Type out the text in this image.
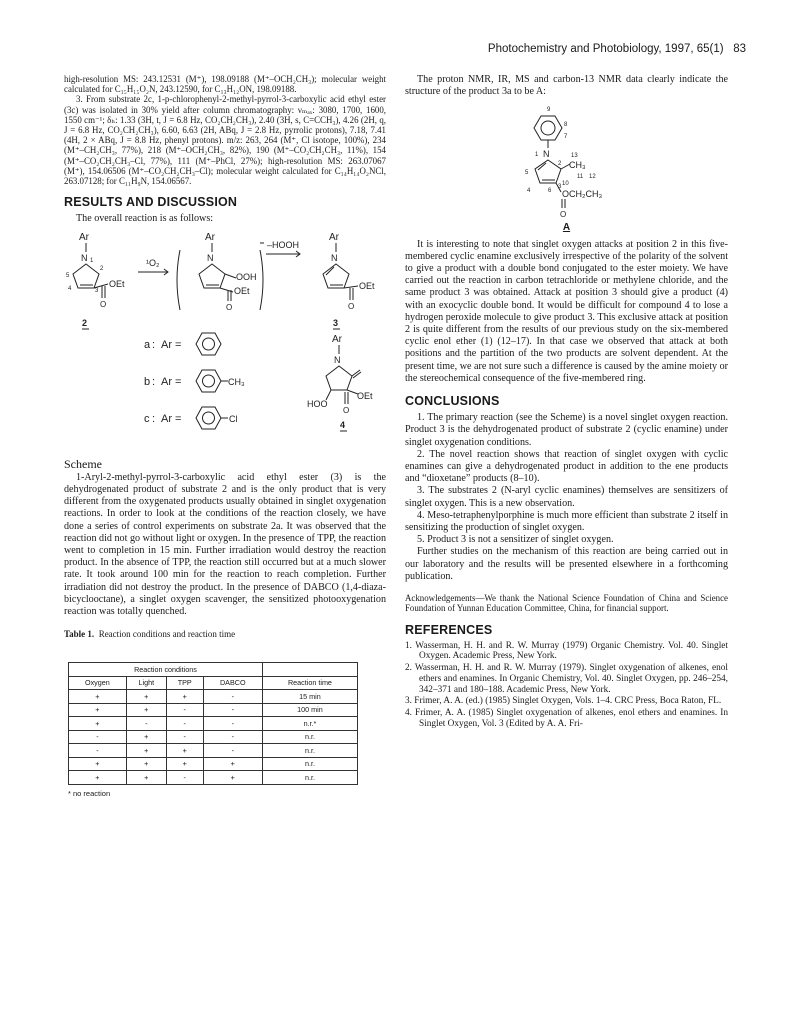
Photochemistry and Photobiology, 1997, 65(1) 83

high-resolution MS: 243.12531 (M⁺), 198.09188 (M⁺–OCH₂CH₃); molecular weight calculated for C₁₅H₁₅O₂N, 243.12590, for C₁₃H₁₂ON, 198.09188.

3. From substrate 2c, 1-p-chlorophenyl-2-methyl-pyrrol-3-carboxylic acid ethyl ester (3c) was isolated in 30% yield after column chromatography: νₘₐₓ: 3080, 1700, 1600, 1550 cm⁻¹; δₕ: 1.33 (3H, t, J = 6.8 Hz, CO₂CH₂CH₃), 2.40 (3H, s, C=CCH₃), 4.26 (2H, q, J = 6.8 Hz, CO₂CH₂CH₃), 6.60, 6.63 (2H, ABq, J = 2.8 Hz, pyrrolic protons), 7.18, 7.41 (4H, 2 × ABq, J = 8.8 Hz, phenyl protons). m/z: 263, 264 (M⁺, Cl isotope, 100%), 234 (M⁺–CH₂CH₃, 77%), 218 (M⁺–OCH₂CH₃, 82%), 190 (M⁺–CO₂CH₂CH₃, 11%), 154 (M⁺–CO₂CH₂CH₃–Cl, 77%), 111 (M⁺–PhCl, 27%); high-resolution MS: 263.07067 (M⁺), 154.06506 (M⁺–CO₂CH₂CH₃–Cl); molecular weight calculated for C₁₄H₁₄O₂NCl, 263.07128; for C₁₁H₉N, 154.06567.

RESULTS AND DISCUSSION

The overall reaction is as follows:

Ar
N
OEt
O
5
4	3
2
1
2
¹O₂
Ar
N
OOH
OEt
O
–HOOH
Ar
N
OEt
O
3
a : Ar =
b : Ar =	CH₃
c : Ar =	Cl
Ar
N
OEt
HOO
O
4
Scheme

1-Aryl-2-methyl-pyrrol-3-carboxylic acid ethyl ester (3) is the dehydrogenated product of substrate 2 and is the only product that is very different from the oxygenated products usually obtained in singlet oxygenation reactions. In order to look at the conditions of the reaction closely, we have done a series of control experiments on substrate 2a. It was observed that the reaction did not go without light or oxygen. In the presence of TPP, the reaction went to completion in 15 min. Further irradiation would destroy the reaction product. In the absence of TPP, the reaction still occurred but at a much slower rate. It took around 100 min for the reaction to reach completion. Further irradiation did not destroy the product. In the presence of DABCO (1,4-diaza-bicyclooctane), a singlet oxygen scavenger, the sensitized photooxygenation reaction was totally quenched.

Table 1. Reaction conditions and reaction time

Reaction conditions				
Oxygen	Light	TPP	DABCO	Reaction time
+	+	+	-	15 min
+	+	-	-	100 min
+	-	-	-	n.r.*
-	+	-	-	n.r.
-	+	+	-	n.r.
+	+	+	+	n.r.
+	+	-	+	n.r.
* no reaction

The proton NMR, IR, MS and carbon-13 NMR data clearly indicate the structure of the product 3a to be A:

9
8
7
N
1
2
13
CH₃
5
3 10
11 12
OCH₂CH₃
4	6
O

A

It is interesting to note that singlet oxygen attacks at position 2 in this five-membered cyclic enamine exclusively irrespective of the polarity of the solvent to give a product with a double bond conjugated to the ester moiety. We have carried out the reaction in carbon tetrachloride or methylene chloride, and the same product 3 was obtained. Attack at position 3 should give a product (4) with an exocyclic double bond. It would be difficult for compound 4 to lose a hydrogen peroxide molecule to give product 3. This exclusive attack at position 2 is quite different from the results of our previous study on the six-membered cyclic enol ether (1) (12–17). In that case we observed that attack at both positions and the partition of the two products are solvent dependent. At the present time, we are not sure such a difference is caused by the amine moiety or the stereochemical consequence of the five-membered ring.

CONCLUSIONS

1. The primary reaction (see the Scheme) is a novel singlet oxygen reaction. Product 3 is the dehydrogenated product of substrate 2 (cyclic enamine) under singlet oxygenation conditions.

2. The novel reaction shows that reaction of singlet oxygen with cyclic enamines can give a dehydrogenated product in addition to the ene products and “dioxetane” products (8–10).

3. The substrates 2 (N-aryl cyclic enamines) themselves are sensitizers of singlet oxygen. This is a new observation.

4. Meso-tetraphenylporphine is much more efficient than substrate 2 itself in sensitizing the production of singlet oxygen.

5. Product 3 is not a sensitizer of singlet oxygen.

Further studies on the mechanism of this reaction are being carried out in our laboratory and the results will be presented elsewhere in a forthcoming publication.

Acknowledgements—We thank the National Science Foundation of China and Science Foundation of Yunnan Education Committee, China, for financial support.

REFERENCES

1. Wasserman, H. H. and R. W. Murray (1979) Organic Chemistry. Vol. 40. Singlet Oxygen. Academic Press, New York.

2. Wasserman, H. H. and R. W. Murray (1979). Singlet oxygenation of alkenes, enol ethers and enamines. In Organic Chemistry, Vol. 40. Singlet Oxygen, pp. 246–254, 342–371 and 180–188. Academic Press, New York.

3. Frimer, A. A. (ed.) (1985) Singlet Oxygen, Vols. 1–4. CRC Press, Boca Raton, FL.

4. Frimer, A. A. (1985) Singlet oxygenation of alkenes, enol ethers and enamines. In Singlet Oxygen, Vol. 3 (Edited by A. A. Fri-
